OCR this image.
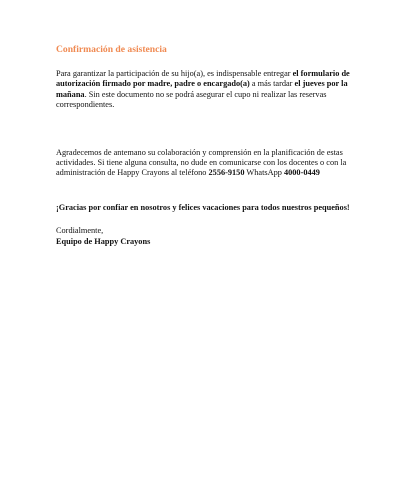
Confirmación de asistencia

Para garantizar la participación de su hijo(a), es indispensable entregar el formulario de autorización firmado por madre, padre o encargado(a) a más tardar el jueves por la mañana. Sin este documento no se podrá asegurar el cupo ni realizar las reservas correspondientes.

Agradecemos de antemano su colaboración y comprensión en la planificación de estas actividades. Si tiene alguna consulta, no dude en comunicarse con los docentes o con la administración de Happy Crayons al teléfono 2556-9150 WhatsApp 4000-0449

¡Gracias por confiar en nosotros y felices vacaciones para todos nuestros pequeños!

Cordialmente,

Equipo de Happy Crayons
